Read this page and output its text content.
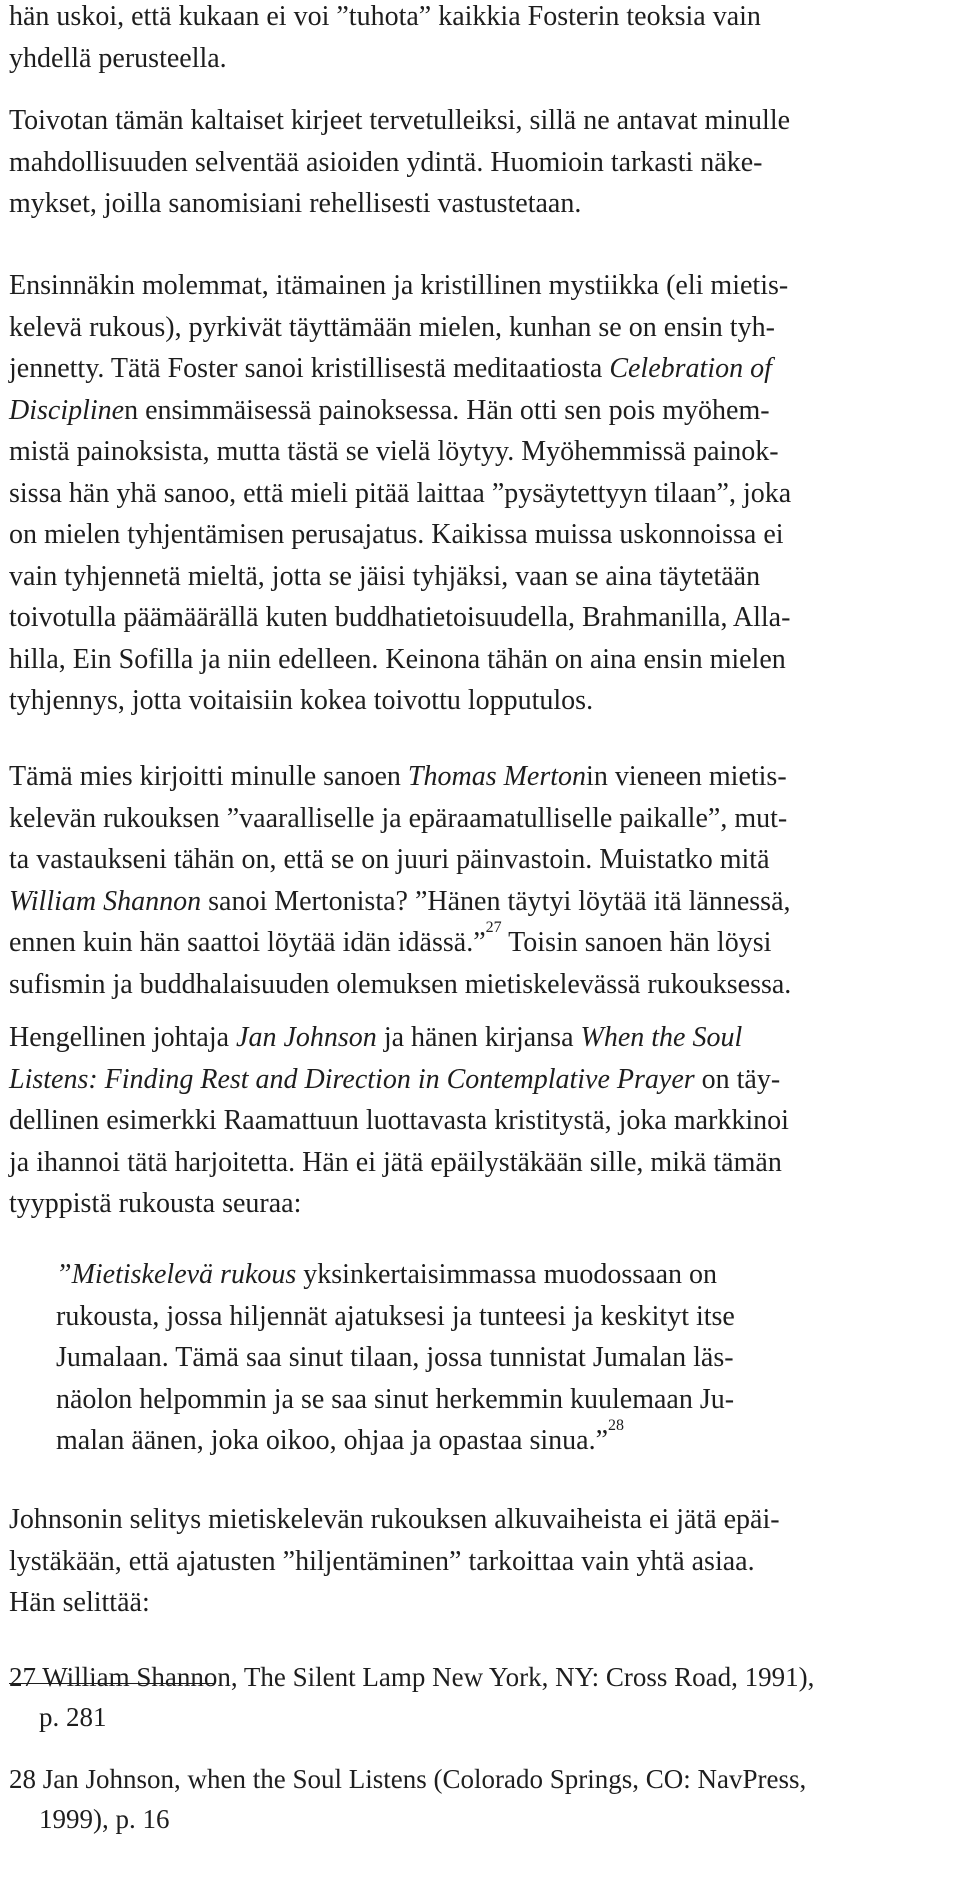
hän uskoi, että kukaan ei voi ”tuhota” kaikkia Fosterin teoksia vain
yhdellä perusteella.

Toivotan tämän kaltaiset kirjeet tervetulleiksi, sillä ne antavat minulle
mahdollisuuden selventää asioiden ydintä. Huomioin tarkasti näke-
mykset, joilla sanomisiani rehellisesti vastustetaan.

Ensinnäkin molemmat, itämainen ja kristillinen mystiikka (eli mietis-
kelevä rukous), pyrkivät täyttämään mielen, kunhan se on ensin tyh-
jennetty. Tätä Foster sanoi kristillisestä meditaatiosta Celebration of
Disciplinen ensimmäisessä painoksessa. Hän otti sen pois myöhem-
mistä painoksista, mutta tästä se vielä löytyy. Myöhemmissä painok-
sissa hän yhä sanoo, että mieli pitää laittaa ”pysäytettyyn tilaan”, joka
on mielen tyhjentämisen perusajatus. Kaikissa muissa uskonnoissa ei
vain tyhjennetä mieltä, jotta se jäisi tyhjäksi, vaan se aina täytetään
toivotulla päämäärällä kuten buddhatietoisuudella, Brahmanilla, Alla-
hilla, Ein Sofilla ja niin edelleen. Keinona tähän on aina ensin mielen
tyhjennys, jotta voitaisiin kokea toivottu lopputulos.

Tämä mies kirjoitti minulle sanoen Thomas Mertonin vieneen mietis-
kelevän rukouksen ”vaaralliselle ja epäraamatulliselle paikalle”, mut-
ta vastaukseni tähän on, että se on juuri päinvastoin. Muistatko mitä
William Shannon sanoi Mertonista? ”Hänen täytyi löytää itä lännessä,
ennen kuin hän saattoi löytää idän idässä.”$^{27}$ Toisin sanoen hän löysi
sufismin ja buddhalaisuuden olemuksen mietiskelevässä rukouksessa.

Hengellinen johtaja Jan Johnson ja hänen kirjansa When the Soul
Listens: Finding Rest and Direction in Contemplative Prayer on täy-
dellinen esimerkki Raamattuun luottavasta kristitystä, joka markkinoi
ja ihannoi tätä harjoitetta. Hän ei jätä epäilystäkään sille, mikä tämän
tyyppistä rukousta seuraa:

”Mietiskelevä rukous yksinkertaisimmassa muodossaan on
rukousta, jossa hiljennät ajatuksesi ja tunteesi ja keskityt itse
Jumalaan. Tämä saa sinut tilaan, jossa tunnistat Jumalan läs-
näolon helpommin ja se saa sinut herkemmin kuulemaan Ju-
malan äänen, joka oikoo, ohjaa ja opastaa sinua.”$^{28}$

Johnsonin selitys mietiskelevän rukouksen alkuvaiheista ei jätä epäi-
lystäkään, että ajatusten ”hiljentäminen” tarkoittaa vain yhtä asiaa.
Hän selittää:

27 William Shannon, The Silent Lamp New York, NY: Cross Road, 1991),
p. 281

28 Jan Johnson, when the Soul Listens (Colorado Springs, CO: NavPress,
1999), p. 16
